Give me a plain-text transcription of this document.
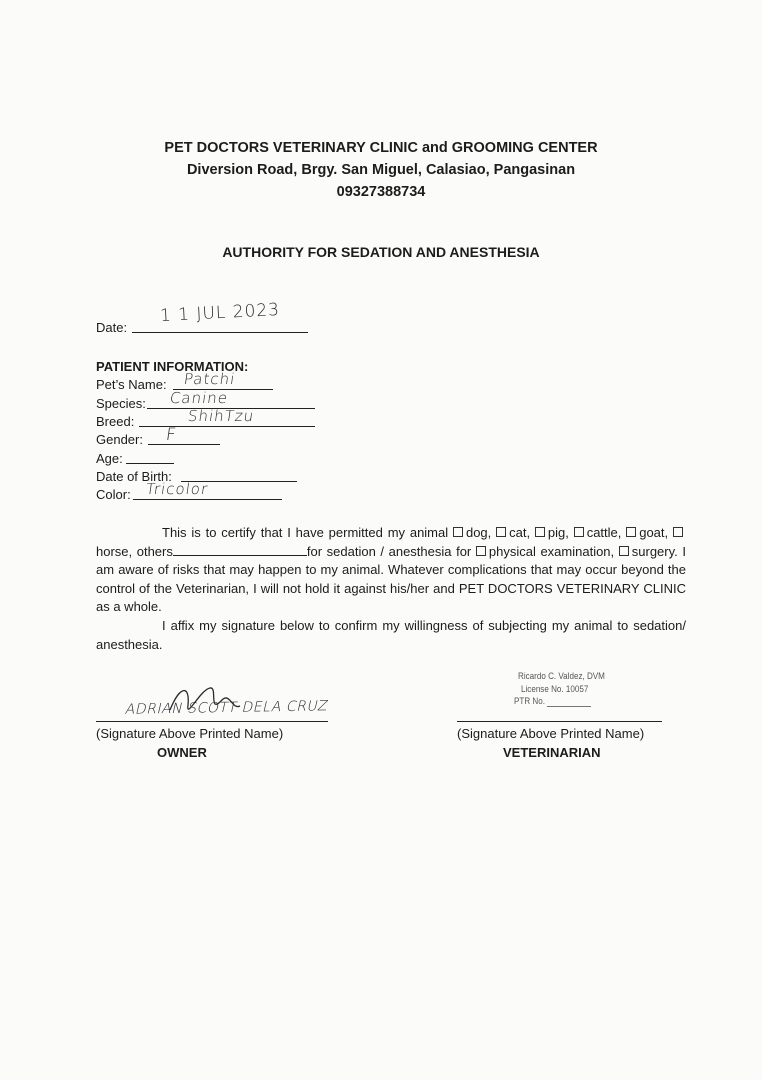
PET DOCTORS VETERINARY CLINIC and GROOMING CENTER
Diversion Road, Brgy. San Miguel, Calasiao, Pangasinan
09327388734
AUTHORITY FOR SEDATION AND ANESTHESIA
Date:
1 1 JUL 2023
PATIENT INFORMATION:
Pet’s Name: Patchi
Species: Canine
Breed:	ShihTzu
Gender: F
Age:
Date of Birth:
Color: Tricolor

This is to certify that I have permitted my animal dog, cat, pig, cattle, goat, horse, others	for sedation / anesthesia for physical examination, surgery. I am aware of risks that may happen to my animal. Whatever complications that may occur beyond the control of the Veterinarian, I will not hold it against his/her and PET DOCTORS VETERINARY CLINIC as a whole.

I affix my signature below to confirm my willingness of subjecting my animal to sedation/ anesthesia.

ADRIAN SCOTT DELA CRUZ
(Signature Above Printed Name)
OWNER
Ricardo C. Valdez, DVM
License No. 10057
PTR No.
(Signature Above Printed Name)
VETERINARIAN
